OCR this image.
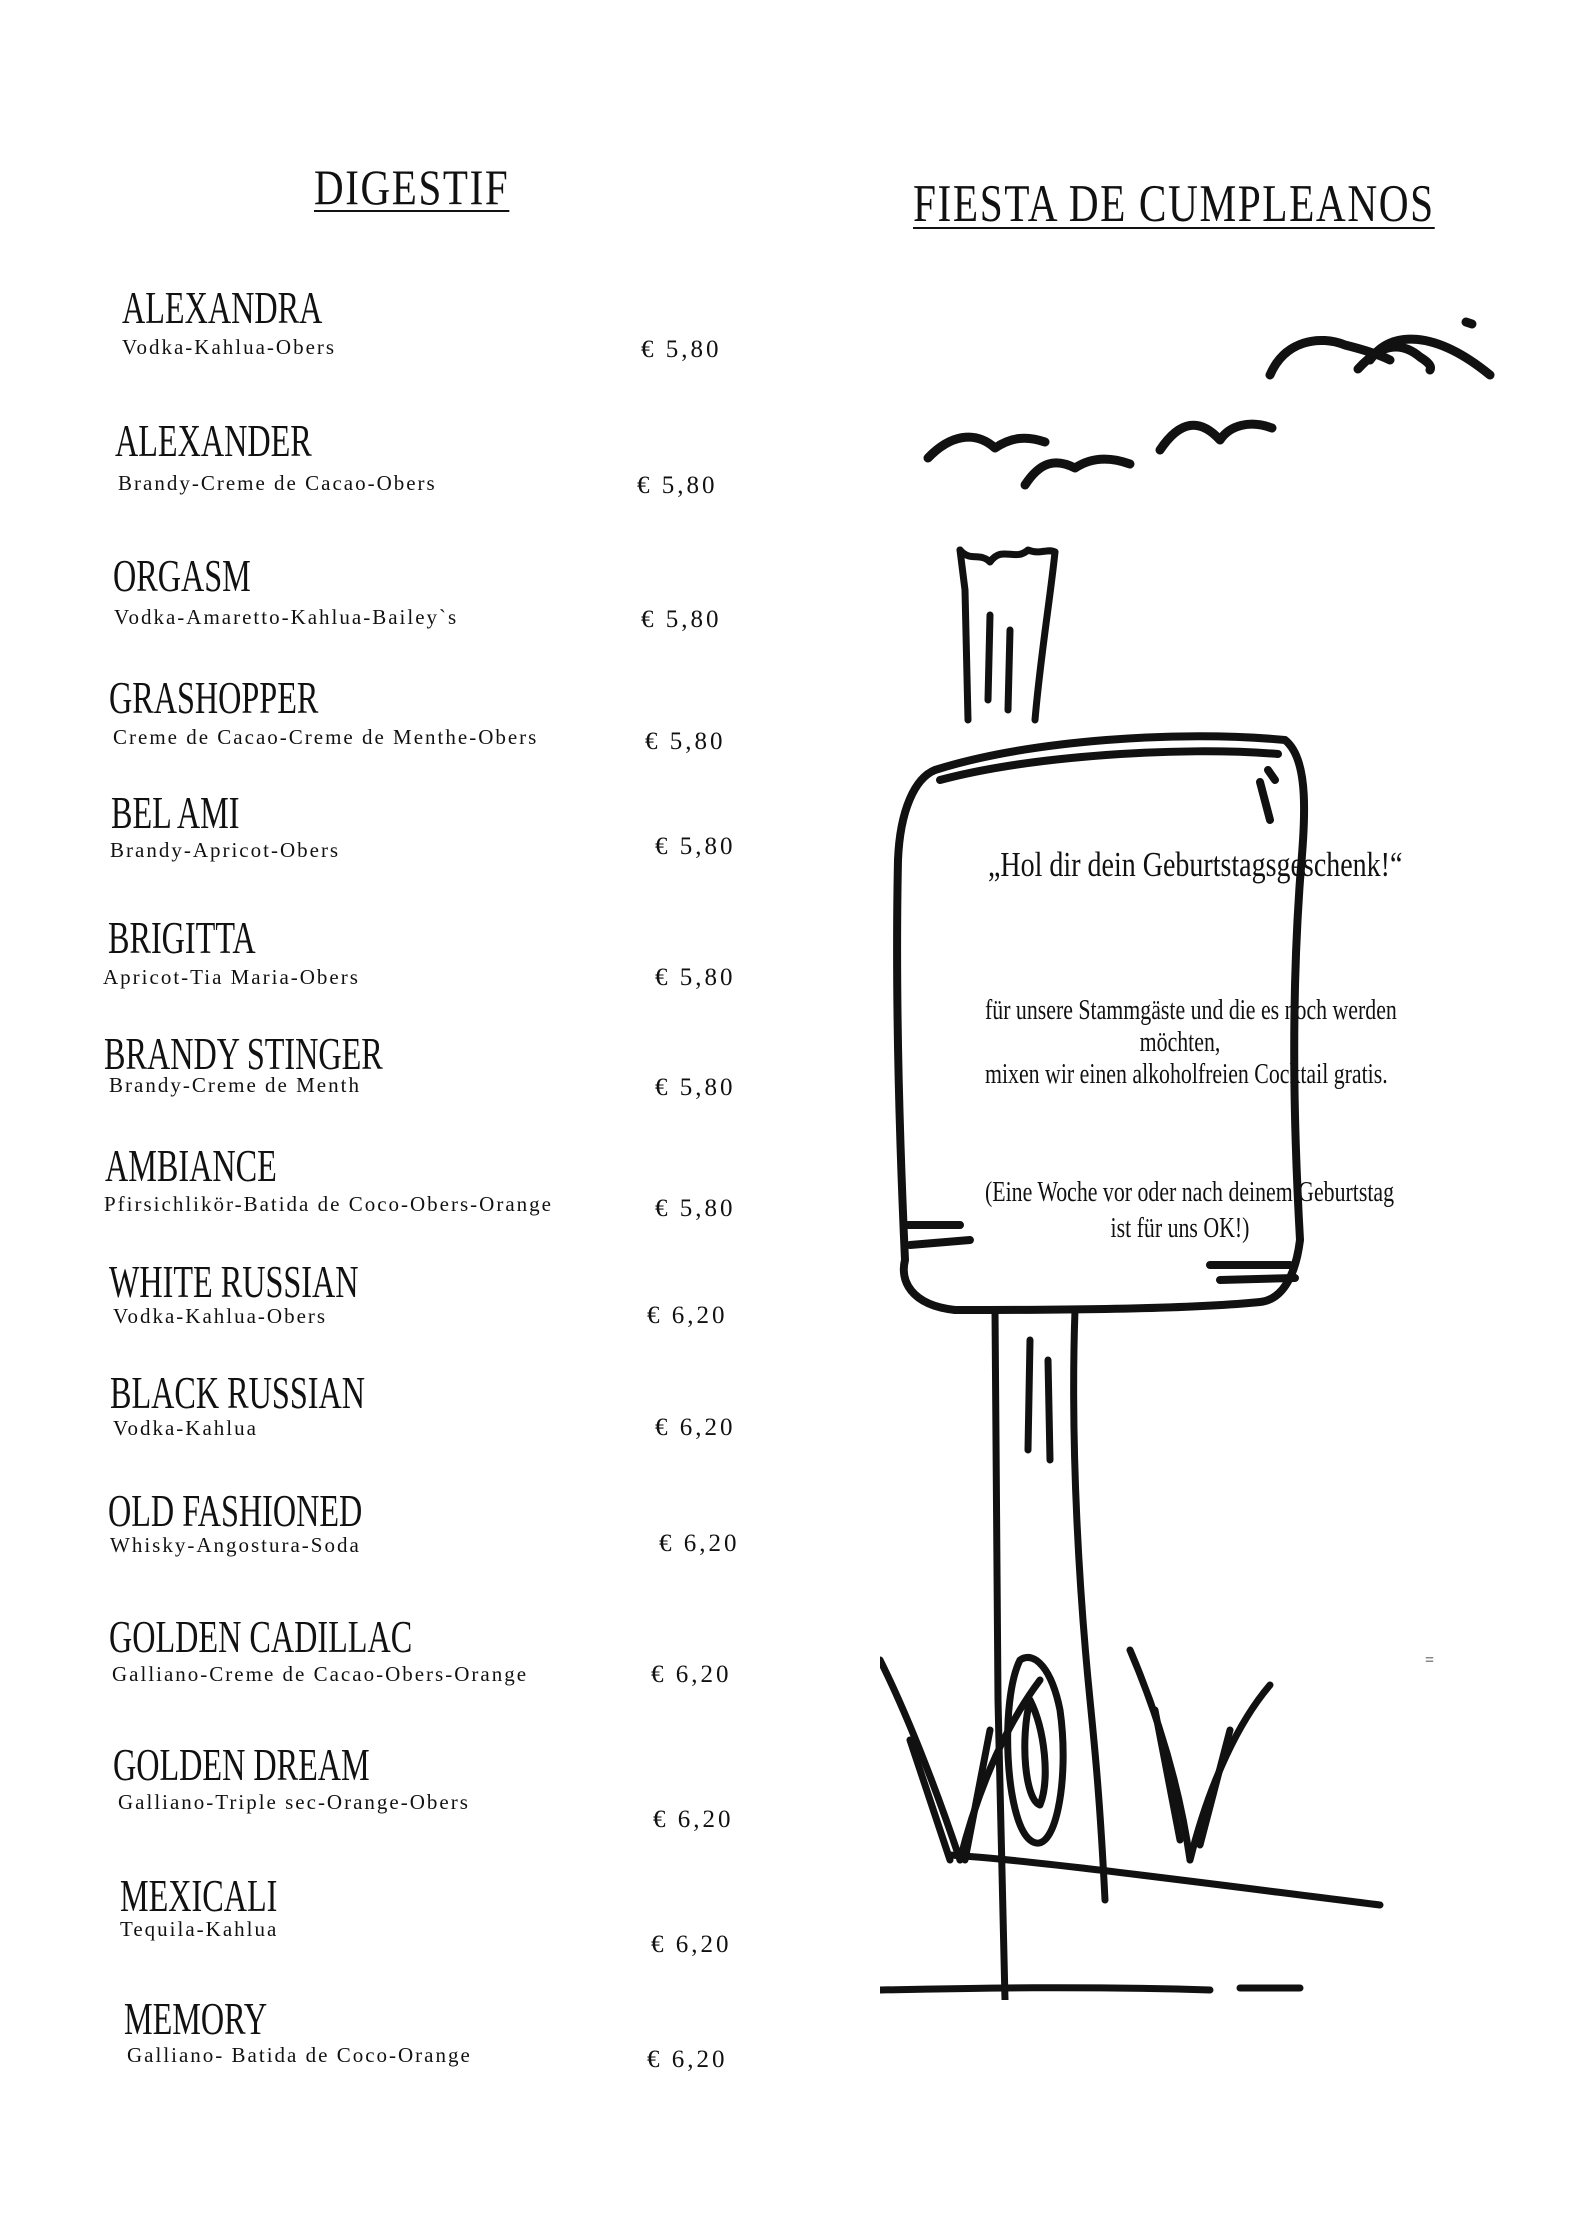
DIGESTIF	FIESTA DE CUMPLEANOS
ALEXANDRA
Vodka-Kahlua-Obers	€ 5,80
ALEXANDER
Brandy-Creme de Cacao-Obers	€ 5,80
ORGASM
Vodka-Amaretto-Kahlua-Bailey`s	€ 5,80
GRASHOPPER
Creme de Cacao-Creme de Menthe-Obers	€ 5,80
BEL AMI
Brandy-Apricot-Obers	€ 5,80
BRIGITTA
Apricot-Tia Maria-Obers	€ 5,80
BRANDY STINGER
Brandy-Creme de Menth	€ 5,80
AMBIANCE
Pfirsichlikör-Batida de Coco-Obers-Orange	€ 5,80
WHITE RUSSIAN
Vodka-Kahlua-Obers	€ 6,20
BLACK RUSSIAN
Vodka-Kahlua	€ 6,20
OLD FASHIONED
Whisky-Angostura-Soda	€ 6,20
GOLDEN CADILLAC
Galliano-Creme de Cacao-Obers-Orange	€ 6,20
GOLDEN DREAM
Galliano-Triple sec-Orange-Obers
€ 6,20
MEXICALI
Tequila-Kahlua
€ 6,20
MEMORY
Galliano- Batida de Coco-Orange	€ 6,20
„Hol dir dein Geburtstagsgeschenk!“
für unsere Stammgäste und die es noch werden
möchten,
mixen wir einen alkoholfreien Cocktail gratis.
(Eine Woche vor oder nach deinem Geburtstag
ist für uns OK!)
=
